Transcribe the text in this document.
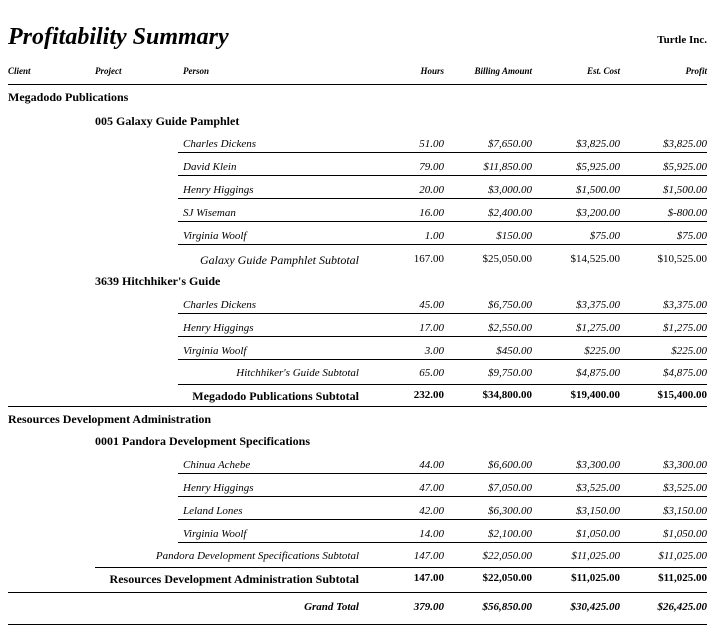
Profitability Summary	Turtle Inc.
Client	Project	Person	Hours	Billing Amount	Est. Cost	Profit
Megadodo Publications
005 Galaxy Guide Pamphlet
Charles Dickens	51.00	$7,650.00	$3,825.00	$3,825.00
David Klein	79.00	$11,850.00	$5,925.00	$5,925.00
Henry Higgings	20.00	$3,000.00	$1,500.00	$1,500.00
SJ Wiseman	16.00	$2,400.00	$3,200.00	$-800.00
Virginia Woolf	1.00	$150.00	$75.00	$75.00
Galaxy Guide Pamphlet Subtotal	167.00	$25,050.00	$14,525.00	$10,525.00
3639 Hitchhiker's Guide
Charles Dickens	45.00	$6,750.00	$3,375.00	$3,375.00
Henry Higgings	17.00	$2,550.00	$1,275.00	$1,275.00
Virginia Woolf	3.00	$450.00	$225.00	$225.00
Hitchhiker's Guide Subtotal	65.00	$9,750.00	$4,875.00	$4,875.00
Megadodo Publications Subtotal	232.00	$34,800.00	$19,400.00	$15,400.00
Resources Development Administration
0001 Pandora Development Specifications
Chinua Achebe	44.00	$6,600.00	$3,300.00	$3,300.00
Henry Higgings	47.00	$7,050.00	$3,525.00	$3,525.00
Leland Lones	42.00	$6,300.00	$3,150.00	$3,150.00
Virginia Woolf	14.00	$2,100.00	$1,050.00	$1,050.00
Pandora Development Specifications Subtotal	147.00	$22,050.00	$11,025.00	$11,025.00
Resources Development Administration Subtotal	147.00	$22,050.00	$11,025.00	$11,025.00
Grand Total	379.00	$56,850.00	$30,425.00	$26,425.00
